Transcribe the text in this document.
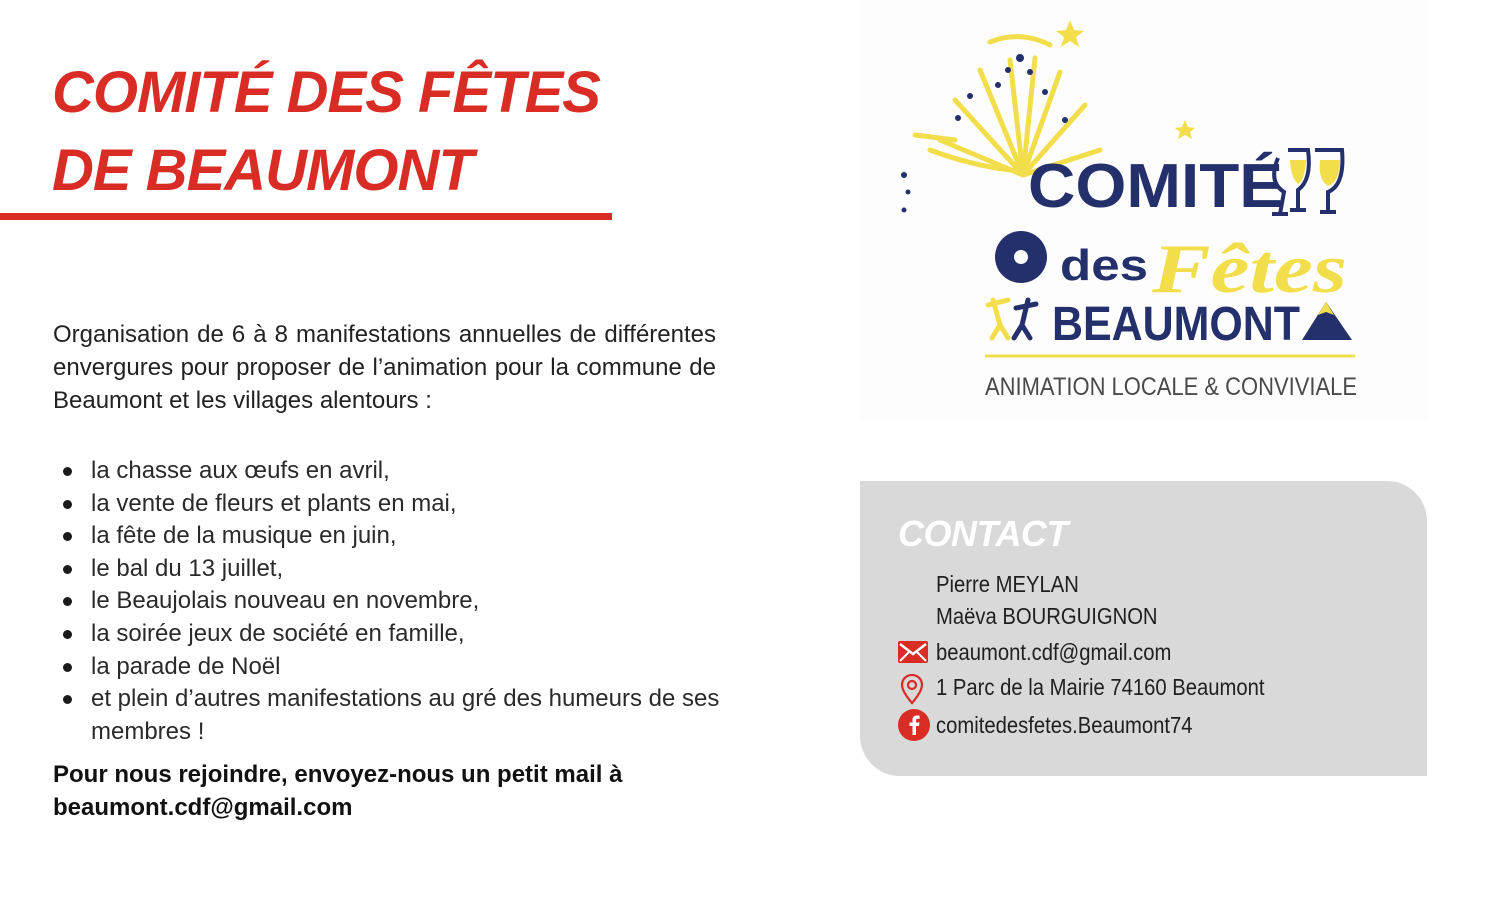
COMITÉ DES FÊTES
DE BEAUMONT

Organisation de 6 à 8 manifestations annuelles de différentes envergures pour proposer de l’animation pour la commune de Beaumont et les villages alentours :

la chasse aux œufs en avril,
la vente de fleurs et plants en mai,
la fête de la musique en juin,
le bal du 13 juillet,
le Beaujolais nouveau en novembre,
la soirée jeux de société en famille,
la parade de Noël
et plein d’autres manifestations au gré des humeurs de ses membres !

Pour nous rejoindre, envoyez-nous un petit mail à
beaumont.cdf@gmail.com

COMITÉ
Fêtes
des
BEAUMONT
ANIMATION LOCALE & CONVIVIALE
CONTACT
Pierre MEYLAN
Maëva BOURGUIGNON
beaumont.cdf@gmail.com
1 Parc de la Mairie 74160 Beaumont
comitedesfetes.Beaumont74
